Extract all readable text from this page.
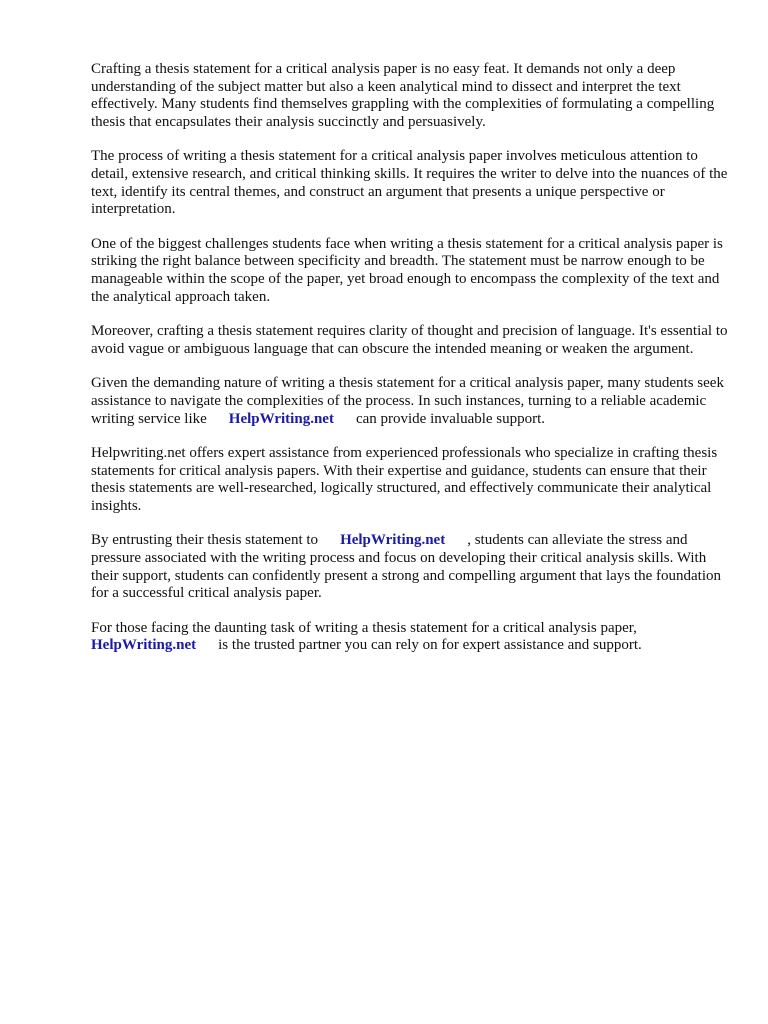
Crafting a thesis statement for a critical analysis paper is no easy feat. It demands not only a deep understanding of the subject matter but also a keen analytical mind to dissect and interpret the text effectively. Many students find themselves grappling with the complexities of formulating a compelling thesis that encapsulates their analysis succinctly and persuasively.

The process of writing a thesis statement for a critical analysis paper involves meticulous attention to detail, extensive research, and critical thinking skills. It requires the writer to delve into the nuances of the text, identify its central themes, and construct an argument that presents a unique perspective or interpretation.

One of the biggest challenges students face when writing a thesis statement for a critical analysis paper is striking the right balance between specificity and breadth. The statement must be narrow enough to be manageable within the scope of the paper, yet broad enough to encompass the complexity of the text and the analytical approach taken.

Moreover, crafting a thesis statement requires clarity of thought and precision of language. It's essential to avoid vague or ambiguous language that can obscure the intended meaning or weaken the argument.

Given the demanding nature of writing a thesis statement for a critical analysis paper, many students seek assistance to navigate the complexities of the process. In such instances, turning to a reliable academic writing service like HelpWriting.net can provide invaluable support.

Helpwriting.net offers expert assistance from experienced professionals who specialize in crafting thesis statements for critical analysis papers. With their expertise and guidance, students can ensure that their thesis statements are well-researched, logically structured, and effectively communicate their analytical insights.

By entrusting their thesis statement to HelpWriting.net , students can alleviate the stress and pressure associated with the writing process and focus on developing their critical analysis skills. With their support, students can confidently present a strong and compelling argument that lays the foundation for a successful critical analysis paper.

For those facing the daunting task of writing a thesis statement for a critical analysis paper, HelpWriting.net is the trusted partner you can rely on for expert assistance and support.
